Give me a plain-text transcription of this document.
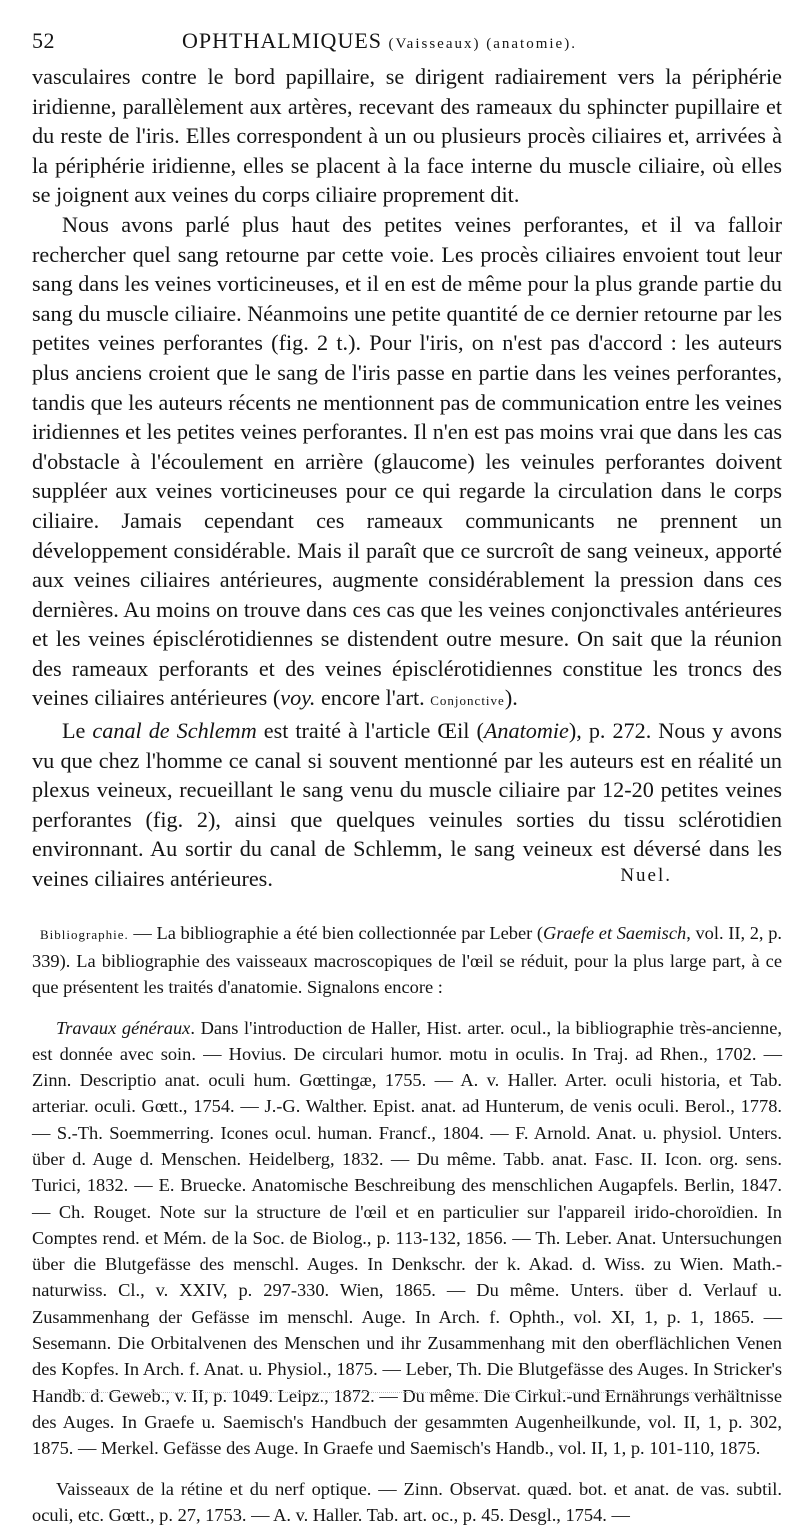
52	OPHTHALMIQUES (Vaisseaux) (anatomie).

vasculaires contre le bord papillaire, se dirigent radiairement vers la périphérie iridienne, parallèlement aux artères, recevant des rameaux du sphincter pupillaire et du reste de l'iris. Elles correspondent à un ou plusieurs procès ciliaires et, arrivées à la périphérie iridienne, elles se placent à la face interne du muscle ciliaire, où elles se joignent aux veines du corps ciliaire proprement dit.

Nous avons parlé plus haut des petites veines perforantes, et il va falloir rechercher quel sang retourne par cette voie. Les procès ciliaires envoient tout leur sang dans les veines vorticineuses, et il en est de même pour la plus grande partie du sang du muscle ciliaire. Néanmoins une petite quantité de ce dernier retourne par les petites veines perforantes (fig. 2 t.). Pour l'iris, on n'est pas d'accord : les auteurs plus anciens croient que le sang de l'iris passe en partie dans les veines perforantes, tandis que les auteurs récents ne mentionnent pas de communication entre les veines iridiennes et les petites veines perforantes. Il n'en est pas moins vrai que dans les cas d'obstacle à l'écoulement en arrière (glaucome) les veinules perforantes doivent suppléer aux veines vorticineuses pour ce qui regarde la circulation dans le corps ciliaire. Jamais cependant ces rameaux communicants ne prennent un développement considérable. Mais il paraît que ce surcroît de sang veineux, apporté aux veines ciliaires antérieures, augmente considérablement la pression dans ces dernières. Au moins on trouve dans ces cas que les veines conjonctivales antérieures et les veines épisclérotidiennes se distendent outre mesure. On sait que la réunion des rameaux perforants et des veines épisclérotidiennes constitue les troncs des veines ciliaires antérieures (voy. encore l'art. Conjonctive).

Le canal de Schlemm est traité à l'article Œil (Anatomie), p. 272. Nous y avons vu que chez l'homme ce canal si souvent mentionné par les auteurs est en réalité un plexus veineux, recueillant le sang venu du muscle ciliaire par 12-20 petites veines perforantes (fig. 2), ainsi que quelques veinules sorties du tissu sclérotidien environnant. Au sortir du canal de Schlemm, le sang veineux est déversé dans les veines ciliaires antérieures.	Nuel.

Bibliographie. — La bibliographie a été bien collectionnée par Leber (Graefe et Saemisch, vol. II, 2, p. 339). La bibliographie des vaisseaux macroscopiques de l'œil se réduit, pour la plus large part, à ce que présentent les traités d'anatomie. Signalons encore :

Travaux généraux. Dans l'introduction de Haller, Hist. arter. ocul., la bibliographie très-ancienne, est donnée avec soin. — Hovius. De circulari humor. motu in oculis. In Traj. ad Rhen., 1702. — Zinn. Descriptio anat. oculi hum. Gœttingæ, 1755. — A. v. Haller. Arter. oculi historia, et Tab. arteriar. oculi. Gœtt., 1754. — J.-G. Walther. Epist. anat. ad Hunterum, de venis oculi. Berol., 1778. — S.-Th. Soemmerring. Icones ocul. human. Francf., 1804. — F. Arnold. Anat. u. physiol. Unters. über d. Auge d. Menschen. Heidelberg, 1832. — Du même. Tabb. anat. Fasc. II. Icon. org. sens. Turici, 1832. — E. Bruecke. Anatomische Beschreibung des menschlichen Augapfels. Berlin, 1847. — Ch. Rouget. Note sur la structure de l'œil et en particulier sur l'appareil irido-choroïdien. In Comptes rend. et Mém. de la Soc. de Biolog., p. 113-132, 1856. — Th. Leber. Anat. Untersuchungen über die Blutgefässe des menschl. Auges. In Denkschr. der k. Akad. d. Wiss. zu Wien. Math.-naturwiss. Cl., v. XXIV, p. 297-330. Wien, 1865. — Du même. Unters. über d. Verlauf u. Zusammenhang der Gefässe im menschl. Auge. In Arch. f. Ophth., vol. XI, 1, p. 1, 1865. — Sesemann. Die Orbitalvenen des Menschen und ihr Zusammenhang mit den oberflächlichen Venen des Kopfes. In Arch. f. Anat. u. Physiol., 1875. — Leber, Th. Die Blutgefässe des Auges. In Stricker's Handb. d. Geweb., v. II, p. 1049. Leipz., 1872. — Du même. Die Cirkul.-und Ernährungs verhältnisse des Auges. In Graefe u. Saemisch's Handbuch der gesammten Augenheilkunde, vol. II, 1, p. 302, 1875. — Merkel. Gefässe des Auge. In Graefe und Saemisch's Handb., vol. II, 1, p. 101-110, 1875.

Vaisseaux de la rétine et du nerf optique. — Zinn. Observat. quæd. bot. et anat. de vas. subtil. oculi, etc. Gœtt., p. 27, 1753. — A. v. Haller. Tab. art. oc., p. 45. Desgl., 1754. —
